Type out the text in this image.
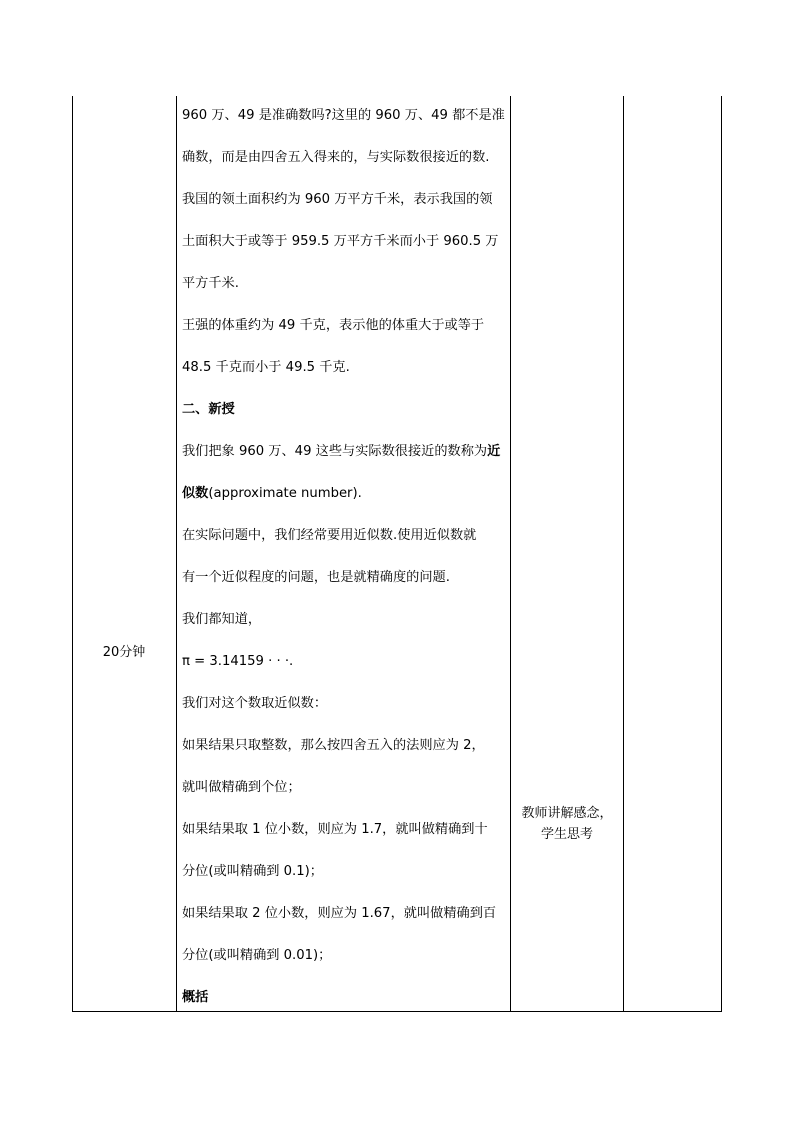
20分钟
960 万、49 是准确数吗?这里的 960 万、49 都不是准
确数，而是由四舍五入得来的，与实际数很接近的数.
我国的领土面积约为 960 万平方千米，表示我国的领
土面积大于或等于 959.5 万平方千米而小于 960.5 万
平方千米.
王强的体重约为 49 千克，表示他的体重大于或等于
48.5 千克而小于 49.5 千克.
二、新授
我们把象 960 万、49 这些与实际数很接近的数称为近
似数(approximate number).
在实际问题中，我们经常要用近似数.使用近似数就
有一个近似程度的问题，也是就精确度的问题.
我们都知道，
π = 3.14159 · · ·.
我们对这个数取近似数：
如果结果只取整数，那么按四舍五入的法则应为 2，
就叫做精确到个位；
如果结果取 1 位小数，则应为 1.7，就叫做精确到十
分位(或叫精确到 0.1)；
如果结果取 2 位小数，则应为 1.67，就叫做精确到百
分位(或叫精确到 0.01)；
概括
教师讲解感念，
学生思考
